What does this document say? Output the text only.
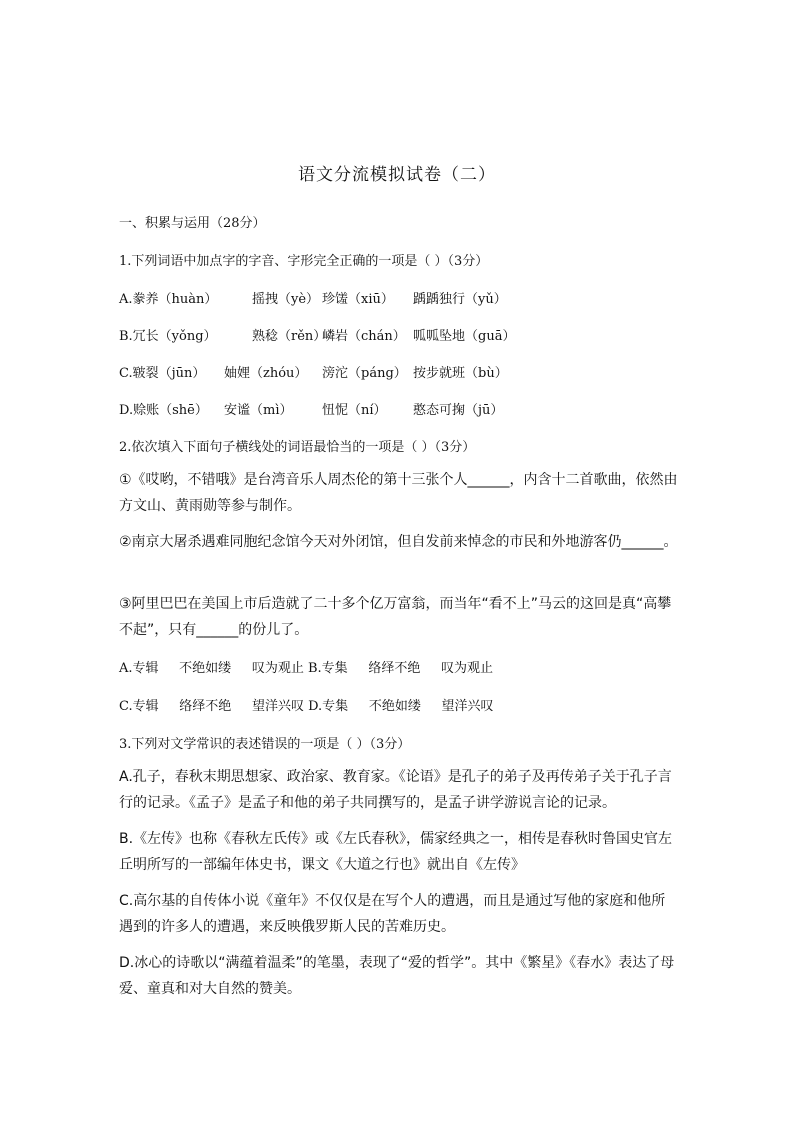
语文分流模拟试卷（二）
一、积累与运用（28分）
1.下列词语中加点字的字音、字形完全正确的一项是（ ）（3分）
A.豢养（huàn）	摇拽（yè） 珍馐（xiū） 踽踽独行（yǔ）
B.冗长（yǒng）	熟稔（rěn）
嶙岩（chán） 呱呱坠地（guā）
C.皲裂（jūn） 妯娌（zhóu） 滂沱（páng） 按步就班（bù）
D.赊账（shē） 安谧（mì） 忸怩（ní） 憨态可掬（jū）
2.依次填入下面句子横线处的词语最恰当的一项是（ ）（3分）
①《哎哟，不错哦》是台湾音乐人周杰伦的第十三张个人______，内含十二首歌曲，依然由方文山、黄雨勋等参与制作。
②南京大屠杀遇难同胞纪念馆今天对外闭馆，但自发前来悼念的市民和外地游客仍______。
③阿里巴巴在美国上市后造就了二十多个亿万富翁，而当年“看不上”马云的这回是真“高攀不起”，只有______的份儿了。
A.专辑     不绝如缕     叹为观止 B.专集     络绎不绝     叹为观止
C.专辑     络绎不绝     望洋兴叹 D.专集     不绝如缕     望洋兴叹
3.下列对文学常识的表述错误的一项是（ ）（3分）
A.孔子，春秋末期思想家、政治家、教育家。《论语》是孔子的弟子及再传弟子关于孔子言行的记录。《孟子》是孟子和他的弟子共同撰写的，是孟子讲学游说言论的记录。
B.《左传》也称《春秋左氏传》或《左氏春秋》，儒家经典之一，相传是春秋时鲁国史官左丘明所写的一部编年体史书，课文《大道之行也》就出自《左传》
C.高尔基的自传体小说《童年》不仅仅是在写个人的遭遇，而且是通过写他的家庭和他所遇到的许多人的遭遇，来反映俄罗斯人民的苦难历史。
D.冰心的诗歌以“满蕴着温柔”的笔墨，表现了“爱的哲学”。其中《繁星》《春水》表达了母爱、童真和对大自然的赞美。
